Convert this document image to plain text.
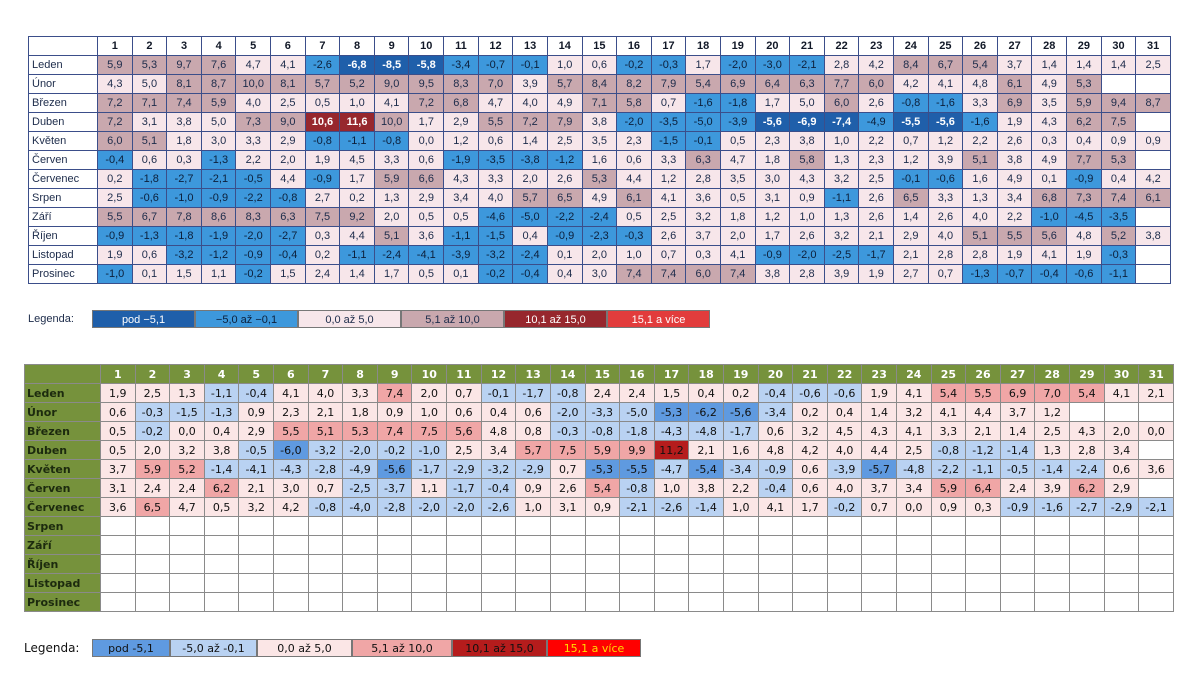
	1	2	3	4	5	6	7	8	9	10	11	12	13	14	15	16	17	18	19	20	21	22	23	24	25	26	27	28	29	30	31
Leden	5,9	5,3	9,7	7,6	4,7	4,1	-2,6	-6,8	-8,5	-5,8	-3,4	-0,7	-0,1	1,0	0,6	-0,2	-0,3	1,7	-2,0	-3,0	-2,1	2,8	4,2	8,4	6,7	5,4	3,7	1,4	1,4	1,4	2,5
Únor	4,3	5,0	8,1	8,7	10,0	8,1	5,7	5,2	9,0	9,5	8,3	7,0	3,9	5,7	8,4	8,2	7,9	5,4	6,9	6,4	6,3	7,7	6,0	4,2	4,1	4,8	6,1	4,9	5,3		
Březen	7,2	7,1	7,4	5,9	4,0	2,5	0,5	1,0	4,1	7,2	6,8	4,7	4,0	4,9	7,1	5,8	0,7	-1,6	-1,8	1,7	5,0	6,0	2,6	-0,8	-1,6	3,3	6,9	3,5	5,9	9,4	8,7
Duben	7,2	3,1	3,8	5,0	7,3	9,0	10,6	11,6	10,0	1,7	2,9	5,5	7,2	7,9	3,8	-2,0	-3,5	-5,0	-3,9	-5,6	-6,9	-7,4	-4,9	-5,5	-5,6	-1,6	1,9	4,3	6,2	7,5	
Květen	6,0	5,1	1,8	3,0	3,3	2,9	-0,8	-1,1	-0,8	0,0	1,2	0,6	1,4	2,5	3,5	2,3	-1,5	-0,1	0,5	2,3	3,8	1,0	2,2	0,7	1,2	2,2	2,6	0,3	0,4	0,9	0,9
Červen	-0,4	0,6	0,3	-1,3	2,2	2,0	1,9	4,5	3,3	0,6	-1,9	-3,5	-3,8	-1,2	1,6	0,6	3,3	6,3	4,7	1,8	5,8	1,3	2,3	1,2	3,9	5,1	3,8	4,9	7,7	5,3	
Červenec	0,2	-1,8	-2,7	-2,1	-0,5	4,4	-0,9	1,7	5,9	6,6	4,3	3,3	2,0	2,6	5,3	4,4	1,2	2,8	3,5	3,0	4,3	3,2	2,5	-0,1	-0,6	1,6	4,9	0,1	-0,9	0,4	4,2
Srpen	2,5	-0,6	-1,0	-0,9	-2,2	-0,8	2,7	0,2	1,3	2,9	3,4	4,0	5,7	6,5	4,9	6,1	4,1	3,6	0,5	3,1	0,9	-1,1	2,6	6,5	3,3	1,3	3,4	6,8	7,3	7,4	6,1
Září	5,5	6,7	7,8	8,6	8,3	6,3	7,5	9,2	2,0	0,5	0,5	-4,6	-5,0	-2,2	-2,4	0,5	2,5	3,2	1,8	1,2	1,0	1,3	2,6	1,4	2,6	4,0	2,2	-1,0	-4,5	-3,5	
Říjen	-0,9	-1,3	-1,8	-1,9	-2,0	-2,7	0,3	4,4	5,1	3,6	-1,1	-1,5	0,4	-0,9	-2,3	-0,3	2,6	3,7	2,0	1,7	2,6	3,2	2,1	2,9	4,0	5,1	5,5	5,6	4,8	5,2	3,8
Listopad	1,9	0,6	-3,2	-1,2	-0,9	-0,4	0,2	-1,1	-2,4	-4,1	-3,9	-3,2	-2,4	0,1	2,0	1,0	0,7	0,3	4,1	-0,9	-2,0	-2,5	-1,7	2,1	2,8	2,8	1,9	4,1	1,9	-0,3	
Prosinec	-1,0	0,1	1,5	1,1	-0,2	1,5	2,4	1,4	1,7	0,5	0,1	-0,2	-0,4	0,4	3,0	7,4	7,4	6,0	7,4	3,8	2,8	3,9	1,9	2,7	0,7	-1,3	-0,7	-0,4	-0,6	-1,1	
Legenda:	pod −5,1	−5,0 až −0,1	0,0 až 5,0	5,1 až 10,0	10,1 až 15,0	15,1 a více
	1	2	3	4	5	6	7	8	9	10	11	12	13	14	15	16	17	18	19	20	21	22	23	24	25	26	27	28	29	30	31
Leden	1,9	2,5	1,3	-1,1	-0,4	4,1	4,0	3,3	7,4	2,0	0,7	-0,1	-1,7	-0,8	2,4	2,4	1,5	0,4	0,2	-0,4	-0,6	-0,6	1,9	4,1	5,4	5,5	6,9	7,0	5,4	4,1	2,1
Únor	0,6	-0,3	-1,5	-1,3	0,9	2,3	2,1	1,8	0,9	1,0	0,6	0,4	0,6	-2,0	-3,3	-5,0	-5,3	-6,2	-5,6	-3,4	0,2	0,4	1,4	3,2	4,1	4,4	3,7	1,2			
Březen	0,5	-0,2	0,0	0,4	2,9	5,5	5,1	5,3	7,4	7,5	5,6	4,8	0,8	-0,3	-0,8	-1,8	-4,3	-4,8	-1,7	0,6	3,2	4,5	4,3	4,1	3,3	2,1	1,4	2,5	4,3	2,0	0,0
Duben	0,5	2,0	3,2	3,8	-0,5	-6,0	-3,2	-2,0	-0,2	-1,0	2,5	3,4	5,7	7,5	5,9	9,9	11,2	2,1	1,6	4,8	4,2	4,0	4,4	2,5	-0,8	-1,2	-1,4	1,3	2,8	3,4	
Květen	3,7	5,9	5,2	-1,4	-4,1	-4,3	-2,8	-4,9	-5,6	-1,7	-2,9	-3,2	-2,9	0,7	-5,3	-5,5	-4,7	-5,4	-3,4	-0,9	0,6	-3,9	-5,7	-4,8	-2,2	-1,1	-0,5	-1,4	-2,4	0,6	3,6
Červen	3,1	2,4	2,4	6,2	2,1	3,0	0,7	-2,5	-3,7	1,1	-1,7	-0,4	0,9	2,6	5,4	-0,8	1,0	3,8	2,2	-0,4	0,6	4,0	3,7	3,4	5,9	6,4	2,4	3,9	6,2	2,9	
Červenec	3,6	6,5	4,7	0,5	3,2	4,2	-0,8	-4,0	-2,8	-2,0	-2,0	-2,6	1,0	3,1	0,9	-2,1	-2,6	-1,4	1,0	4,1	1,7	-0,2	0,7	0,0	0,9	0,3	-0,9	-1,6	-2,7	-2,9	-2,1
Srpen																															
Září																															
Říjen																															
Listopad																															
Prosinec																															
Legenda:	pod -5,1	-5,0 až -0,1	0,0 až 5,0	5,1 až 10,0	10,1 až 15,0	15,1 a více
